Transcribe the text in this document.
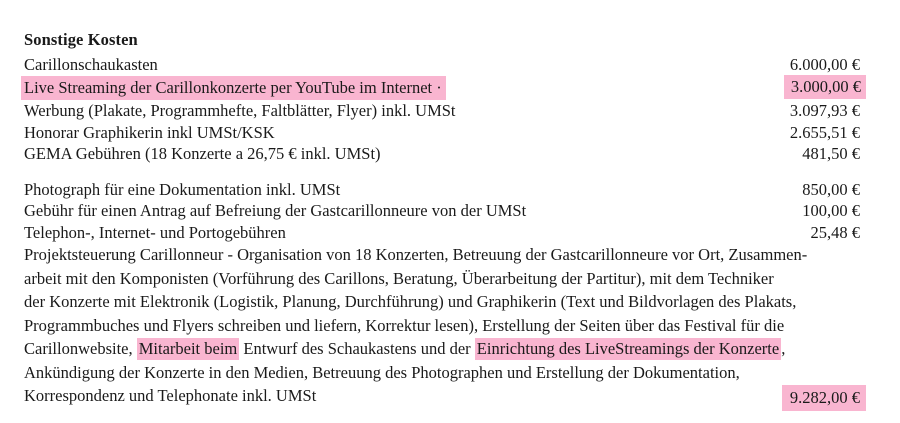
Sonstige Kosten
Carillonschaukasten	6.000,00 €
Live Streaming der Carillonkonzerte per YouTube im Internet ·	3.000,00 €
Werbung (Plakate, Programmhefte, Faltblätter, Flyer) inkl. UMSt	3.097,93 €
Honorar Graphikerin inkl UMSt/KSK	2.655,51 €
GEMA Gebühren (18 Konzerte a 26,75 € inkl. UMSt)	481,50 €
Photograph für eine Dokumentation inkl. UMSt	850,00 €
Gebühr für einen Antrag auf Befreiung der Gastcarillonneure von der UMSt	100,00 €
Telephon-, Internet- und Portogebühren	25,48 €
Projektsteuerung Carillonneur - Organisation von 18 Konzerten, Betreuung der Gastcarillonneure vor Ort, Zusammen-
arbeit mit den Komponisten (Vorführung des Carillons, Beratung, Überarbeitung der Partitur), mit dem Techniker
der Konzerte mit Elektronik (Logistik, Planung, Durchführung) und Graphikerin (Text und Bildvorlagen des Plakats,
Programmbuches und Flyers schreiben und liefern, Korrektur lesen), Erstellung der Seiten über das Festival für die
Carillonwebsite, Mitarbeit beim Entwurf des Schaukastens und der Einrichtung des LiveStreamings der Konzerte ,
Ankündigung der Konzerte in den Medien, Betreuung des Photographen und Erstellung der Dokumentation,
Korrespondenz und Telephonate inkl. UMSt	9.282,00 €
